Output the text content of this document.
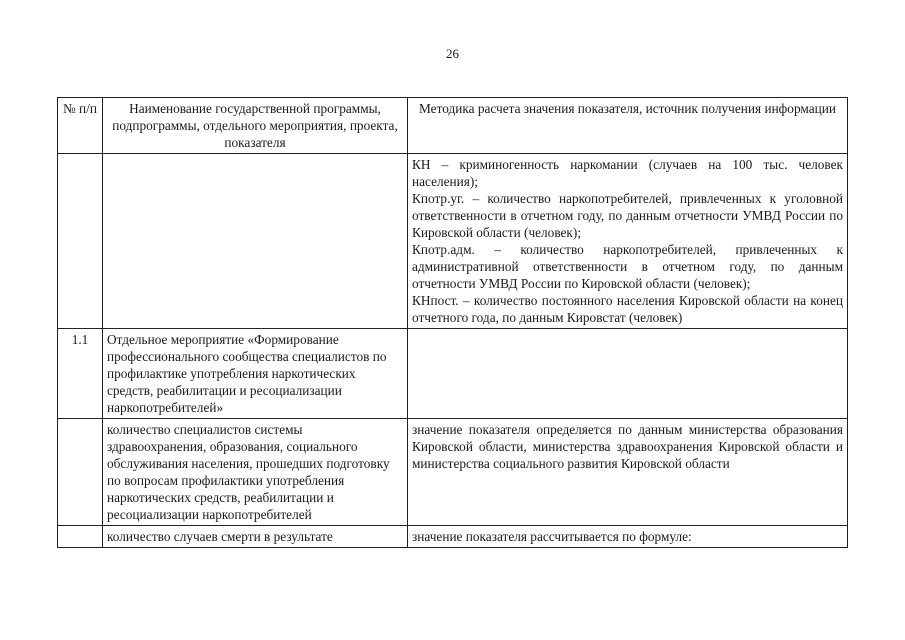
26
№ п/п	Наименование государственной программы, подпрограммы, отдельного мероприятия, проекта, показателя	Методика расчета значения показателя, источник получения информации

		КН – криминогенность наркомании (случаев на 100 тыс. человек населения);
Кпотр.уг. – количество наркопотребителей, привлеченных к уголовной ответственности в отчетном году, по данным отчетности УМВД России по Кировской области (человек);
Кпотр.адм. – количество наркопотребителей, привлеченных к административной ответственности в отчетном году, по данным отчетности УМВД России по Кировской области (человек);
КНпост. – количество постоянного населения Кировской области на конец отчетного года, по данным Кировстат (человек)

1.1	Отдельное мероприятие «Формирование профессионального сообщества специалистов по профилактике употребления наркотических средств, реабилитации и ресоциализации наркопотребителей»	
	количество специалистов системы здравоохранения, образования, социального обслуживания населения, прошедших подготовку по вопросам профилактики употребления наркотических средств, реабилитации и ресоциализации наркопотребителей	значение показателя определяется по данным министерства образования Кировской области, министерства здравоохранения Кировской области и министерства социального развития Кировской области

	количество случаев смерти в результате	значение показателя рассчитывается по формуле:
